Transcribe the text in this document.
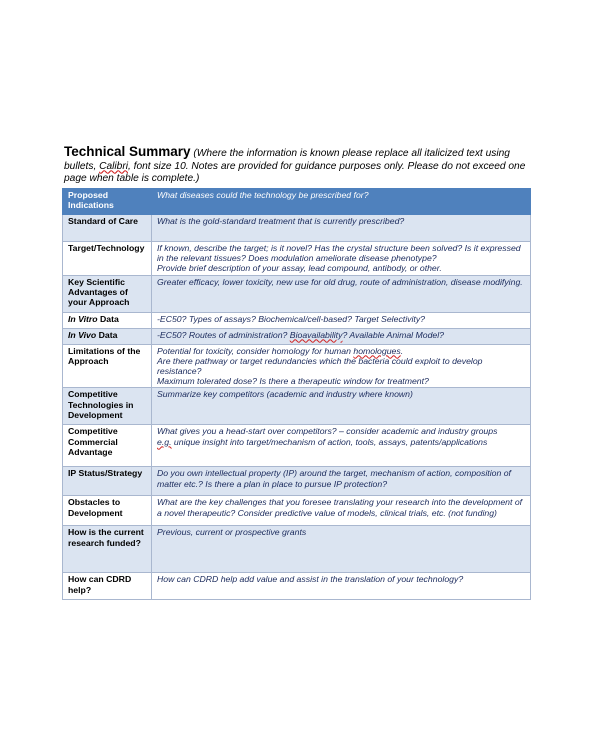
Technical Summary (Where the information is known please replace all italicized text using bullets, Calibri, font size 10. Notes are provided for guidance purposes only. Please do not exceed one page when table is complete.)
Proposed Indications	What diseases could the technology be prescribed for?
Standard of Care	What is the gold-standard treatment that is currently prescribed?
Target/Technology	If known, describe the target; is it novel? Has the crystal structure been solved? Is it expressed in the relevant tissues? Does modulation ameliorate disease phenotype?
Provide brief description of your assay, lead compound, antibody, or other.

Key Scientific Advantages of your Approach	Greater efficacy, lower toxicity, new use for old drug, route of administration, disease modifying.
In Vitro Data	-EC50? Types of assays? Biochemical/cell-based? Target Selectivity?
In Vivo Data	-EC50? Routes of administration? Bioavailability? Available Animal Model?
Limitations of the Approach	Potential for toxicity, consider homology for human homologues.
Are there pathway or target redundancies which the bacteria could exploit to develop resistance?
Maximum tolerated dose? Is there a therapeutic window for treatment?

Competitive Technologies in Development	Summarize key competitors (academic and industry where known)
Competitive Commercial Advantage	What gives you a head-start over competitors? – consider academic and industry groups
e.g. unique insight into target/mechanism of action, tools, assays, patents/applications
IP Status/Strategy	Do you own intellectual property (IP) around the target, mechanism of action, composition of matter etc.? Is there a plan in place to pursue IP protection?
Obstacles to Development	What are the key challenges that you foresee translating your research into the development of a novel therapeutic? Consider predictive value of models, clinical trials, etc. (not funding)
How is the current research funded?	Previous, current or prospective grants
How can CDRD help?	How can CDRD help add value and assist in the translation of your technology?
